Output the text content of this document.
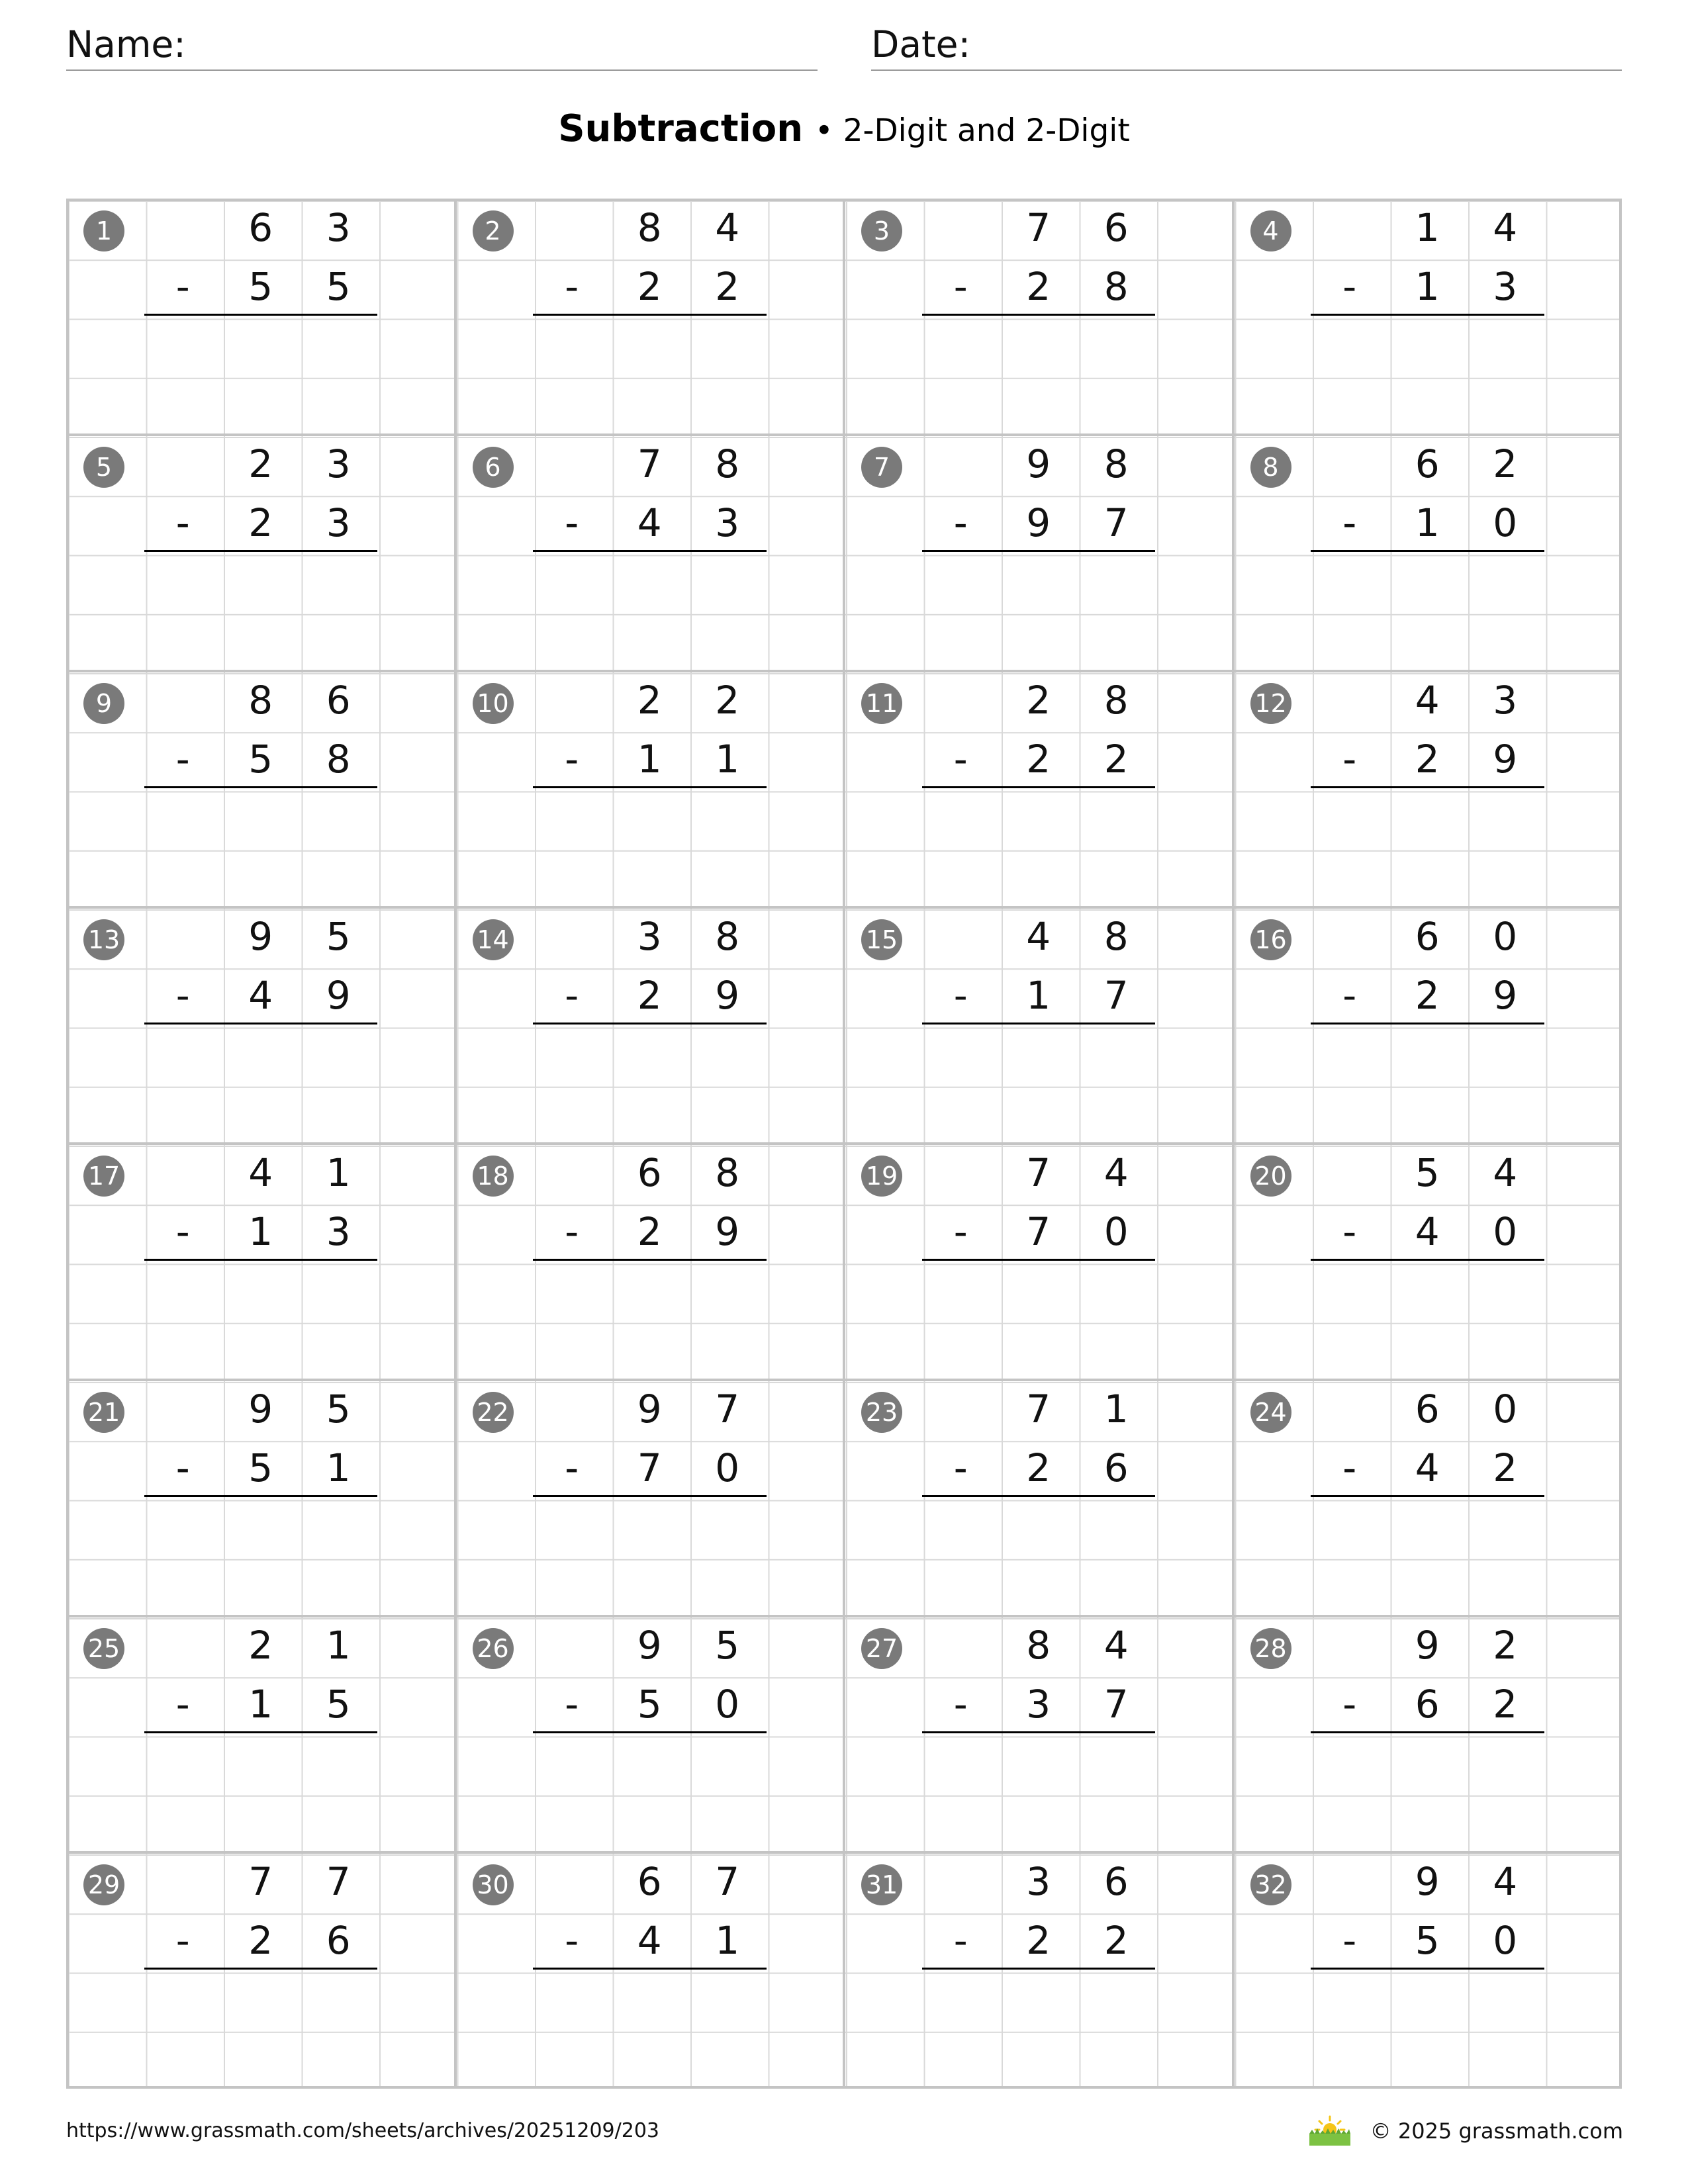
Name:	Date:
Subtraction • 2-Digit and 2-Digit
1	6	3
-	5	5
2	8	4
-	2	2
3	7	6
-	2	8
4	1	4
-	1	3
5	2	3
-	2	3
6	7	8
-	4	3
7	9	8
-	9	7
8	6	2
-	1	0
9	8	6
-	5	8
10	2	2
-	1	1
11	2	8
-	2	2
12	4	3
-	2	9
13	9	5
-	4	9
14	3	8
-	2	9
15	4	8
-	1	7
16	6	0
-	2	9
17	4	1
-	1	3
18	6	8
-	2	9
19	7	4
-	7	0
20	5	4
-	4	0
21	9	5
-	5	1
22	9	7
-	7	0
23	7	1
-	2	6
24	6	0
-	4	2
25	2	1
-	1	5
26	9	5
-	5	0
27	8	4
-	3	7
28	9	2
-	6	2
29	7	7
-	2	6
30	6	7
-	4	1
31	3	6
-	2	2
32	9	4
-	5	0
https://www.grassmath.com/sheets/archives/20251209/203	© 2025 grassmath.com
